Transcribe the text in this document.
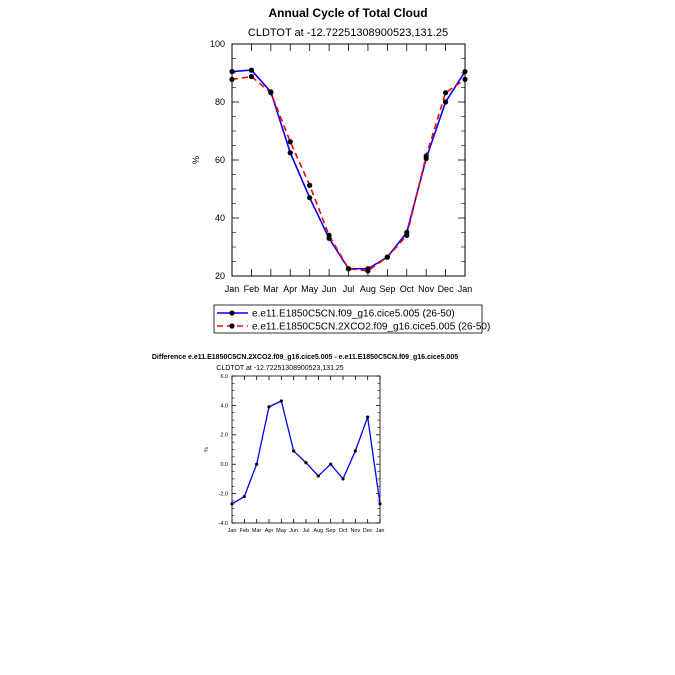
Annual Cycle of Total Cloud
CLDTOT at -12.72251308900523,131.25
Difference e.e11.E1850C5CN.2XCO2.f09_g16.cice5.005 - e.e11.E1850C5CN.f09_g16.cice5.005
CLDTOT at -12.72251308900523,131.25
Jan Feb Mar Apr May Jun Jul Aug Sep Oct Nov Dec Jan
20
40
60
80
100
%
e.e11.E1850C5CN.f09_g16.cice5.005 (26-50)
e.e11.E1850C5CN.2XCO2.f09_g16.cice5.005 (26-50)
Jan Feb Mar Apr May Jun Jul Aug Sep Oct Nov Dec Jan
-4.0
-2.0
0.0
2.0
4.0
6.0
%
